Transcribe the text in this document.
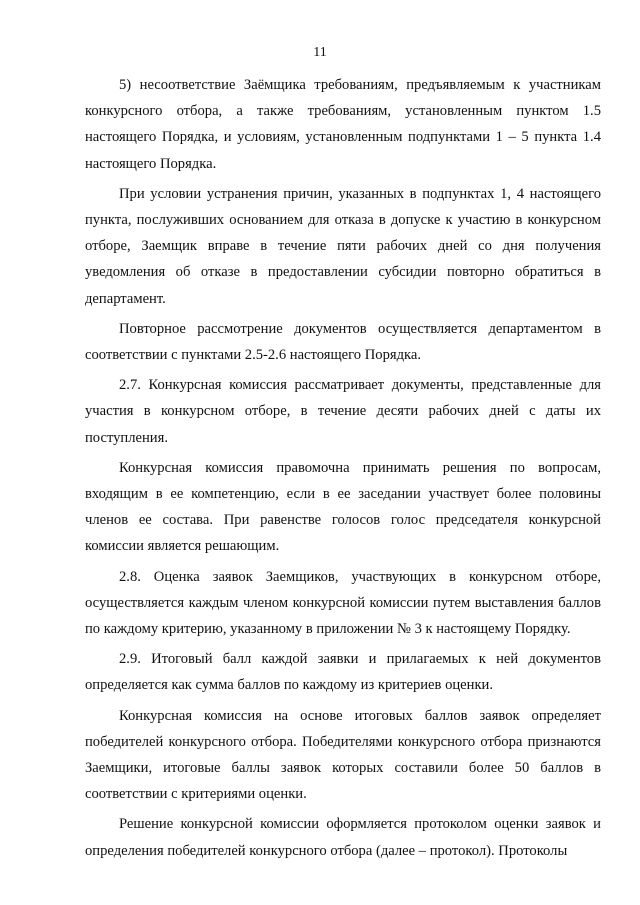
11

5) несоответствие Заёмщика требованиям, предъявляемым к участникам конкурсного отбора, а также требованиям, установленным пунктом 1.5 настоящего Порядка, и условиям, установленным подпунктами 1 – 5 пункта 1.4 настоящего Порядка.

При условии устранения причин, указанных в подпунктах 1, 4 настоящего пункта, послуживших основанием для отказа в допуске к участию в конкурсном отборе, Заемщик вправе в течение пяти рабочих дней со дня получения уведомления об отказе в предоставлении субсидии повторно обратиться в департамент.

Повторное рассмотрение документов осуществляется департаментом в соответствии с пунктами 2.5-2.6 настоящего Порядка.

2.7. Конкурсная комиссия рассматривает документы, представленные для участия в конкурсном отборе, в течение десяти рабочих дней с даты их поступления.

Конкурсная комиссия правомочна принимать решения по вопросам, входящим в ее компетенцию, если в ее заседании участвует более половины членов ее состава. При равенстве голосов голос председателя конкурсной комиссии является решающим.

2.8. Оценка заявок Заемщиков, участвующих в конкурсном отборе, осуществляется каждым членом конкурсной комиссии путем выставления баллов по каждому критерию, указанному в приложении № 3 к настоящему Порядку.

2.9. Итоговый балл каждой заявки и прилагаемых к ней документов определяется как сумма баллов по каждому из критериев оценки.

Конкурсная комиссия на основе итоговых баллов заявок определяет победителей конкурсного отбора. Победителями конкурсного отбора признаются Заемщики, итоговые баллы заявок которых составили более 50 баллов в соответствии с критериями оценки.

Решение конкурсной комиссии оформляется протоколом оценки заявок и определения победителей конкурсного отбора (далее – протокол). Протоколы
